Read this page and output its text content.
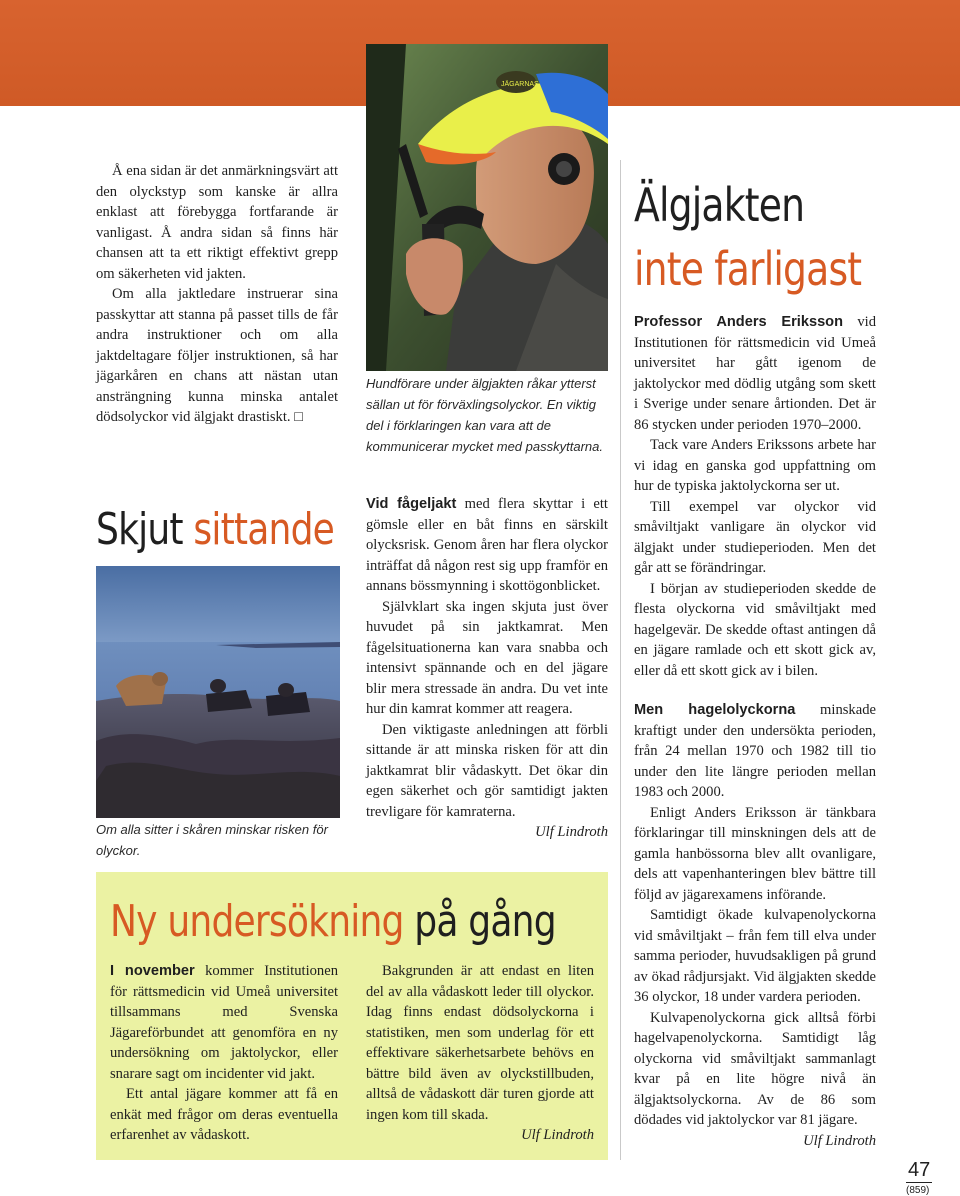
Å ena sidan är det anmärkningsvärt att den olyckstyp som kanske är allra enklast att förebygga fortfarande är vanligast. Å andra sidan så finns här chansen att ta ett riktigt effektivt grepp om säkerheten vid jakten.

Om alla jaktledare instruerar sina passkyttar att stanna på passet tills de får andra instruktioner och om alla jaktdeltagare följer instruktionen, så har jägarkåren en chans att nästan utan ansträngning kunna minska antalet dödsolyckor vid älgjakt drastiskt. □

Skjut sittande

Om alla sitter i skåren minskar risken för olyckor.

JÄGARNAS

Hundförare under älgjakten råkar ytterst sällan ut för förväxlingsolyckor. En viktig del i förklaringen kan vara att de kommunicerar mycket med passkyttarna.

Vid fågeljakt med flera skyttar i ett gömsle eller en båt finns en särskilt olycksrisk. Genom åren har flera olyckor inträffat då någon rest sig upp framför en annans bössmynning i skottögonblicket.

Självklart ska ingen skjuta just över huvudet på sin jaktkamrat. Men fågelsituationerna kan vara snabba och intensivt spännande och en del jägare blir mera stressade än andra. Du vet inte hur din kamrat kommer att reagera.

Den viktigaste anledningen att förbli sittande är att minska risken för att din jaktkamrat blir vådaskytt. Det ökar din egen säkerhet och gör samtidigt jakten trevligare för kamraterna.

Ulf Lindroth

Älgjakten
inte farligast

Professor Anders Eriksson vid Institutionen för rättsmedicin vid Umeå universitet har gått igenom de jaktolyckor med dödlig utgång som skett i Sverige under senare årtionden. Det är 86 stycken under perioden 1970–2000.

Tack vare Anders Erikssons arbete har vi idag en ganska god uppfattning om hur de typiska jaktolyckorna ser ut.

Till exempel var olyckor vid småviltjakt vanligare än olyckor vid älgjakt under studieperioden. Men det går att se förändringar.

I början av studieperioden skedde de flesta olyckorna vid småviltjakt med hagelgevär. De skedde oftast antingen då en jägare ramlade och ett skott gick av, eller då ett skott gick av i bilen.

Men hagelolyckorna minskade kraftigt under den undersökta perioden, från 24 mellan 1970 och 1982 till tio under den lite längre perioden mellan 1983 och 2000.

Enligt Anders Eriksson är tänkbara förklaringar till minskningen dels att de gamla hanbössorna blev allt ovanligare, dels att vapenhanteringen blev bättre till följd av jägarexamens införande.

Samtidigt ökade kulvapenolyckorna vid småviltjakt – från fem till elva under samma perioder, huvudsakligen på grund av ökad rådjursjakt. Vid älgjakten skedde 36 olyckor, 18 under vardera perioden.

Kulvapenolyckorna gick alltså förbi hagelvapenolyckorna. Samtidigt låg olyckorna vid småviltjakt sammanlagt kvar på en lite högre nivå än älgjaktsolyckorna. Av de 86 som dödades vid jaktolyckor var 81 jägare.

Ulf Lindroth

Ny undersökning på gång

I november kommer Institutionen för rättsmedicin vid Umeå universitet tillsammans med Svenska Jägareförbundet att genomföra en ny undersökning om jaktolyckor, eller snarare sagt om incidenter vid jakt.

Ett antal jägare kommer att få en enkät med frågor om deras eventuella erfarenhet av vådaskott.

Bakgrunden är att endast en liten del av alla vådaskott leder till olyckor. Idag finns endast dödsolyckorna i statistiken, men som underlag för ett effektivare säkerhetsarbete behövs en bättre bild även av olyckstillbuden, alltså de vådaskott där turen gjorde att ingen kom till skada.

Ulf Lindroth

47
(859)
